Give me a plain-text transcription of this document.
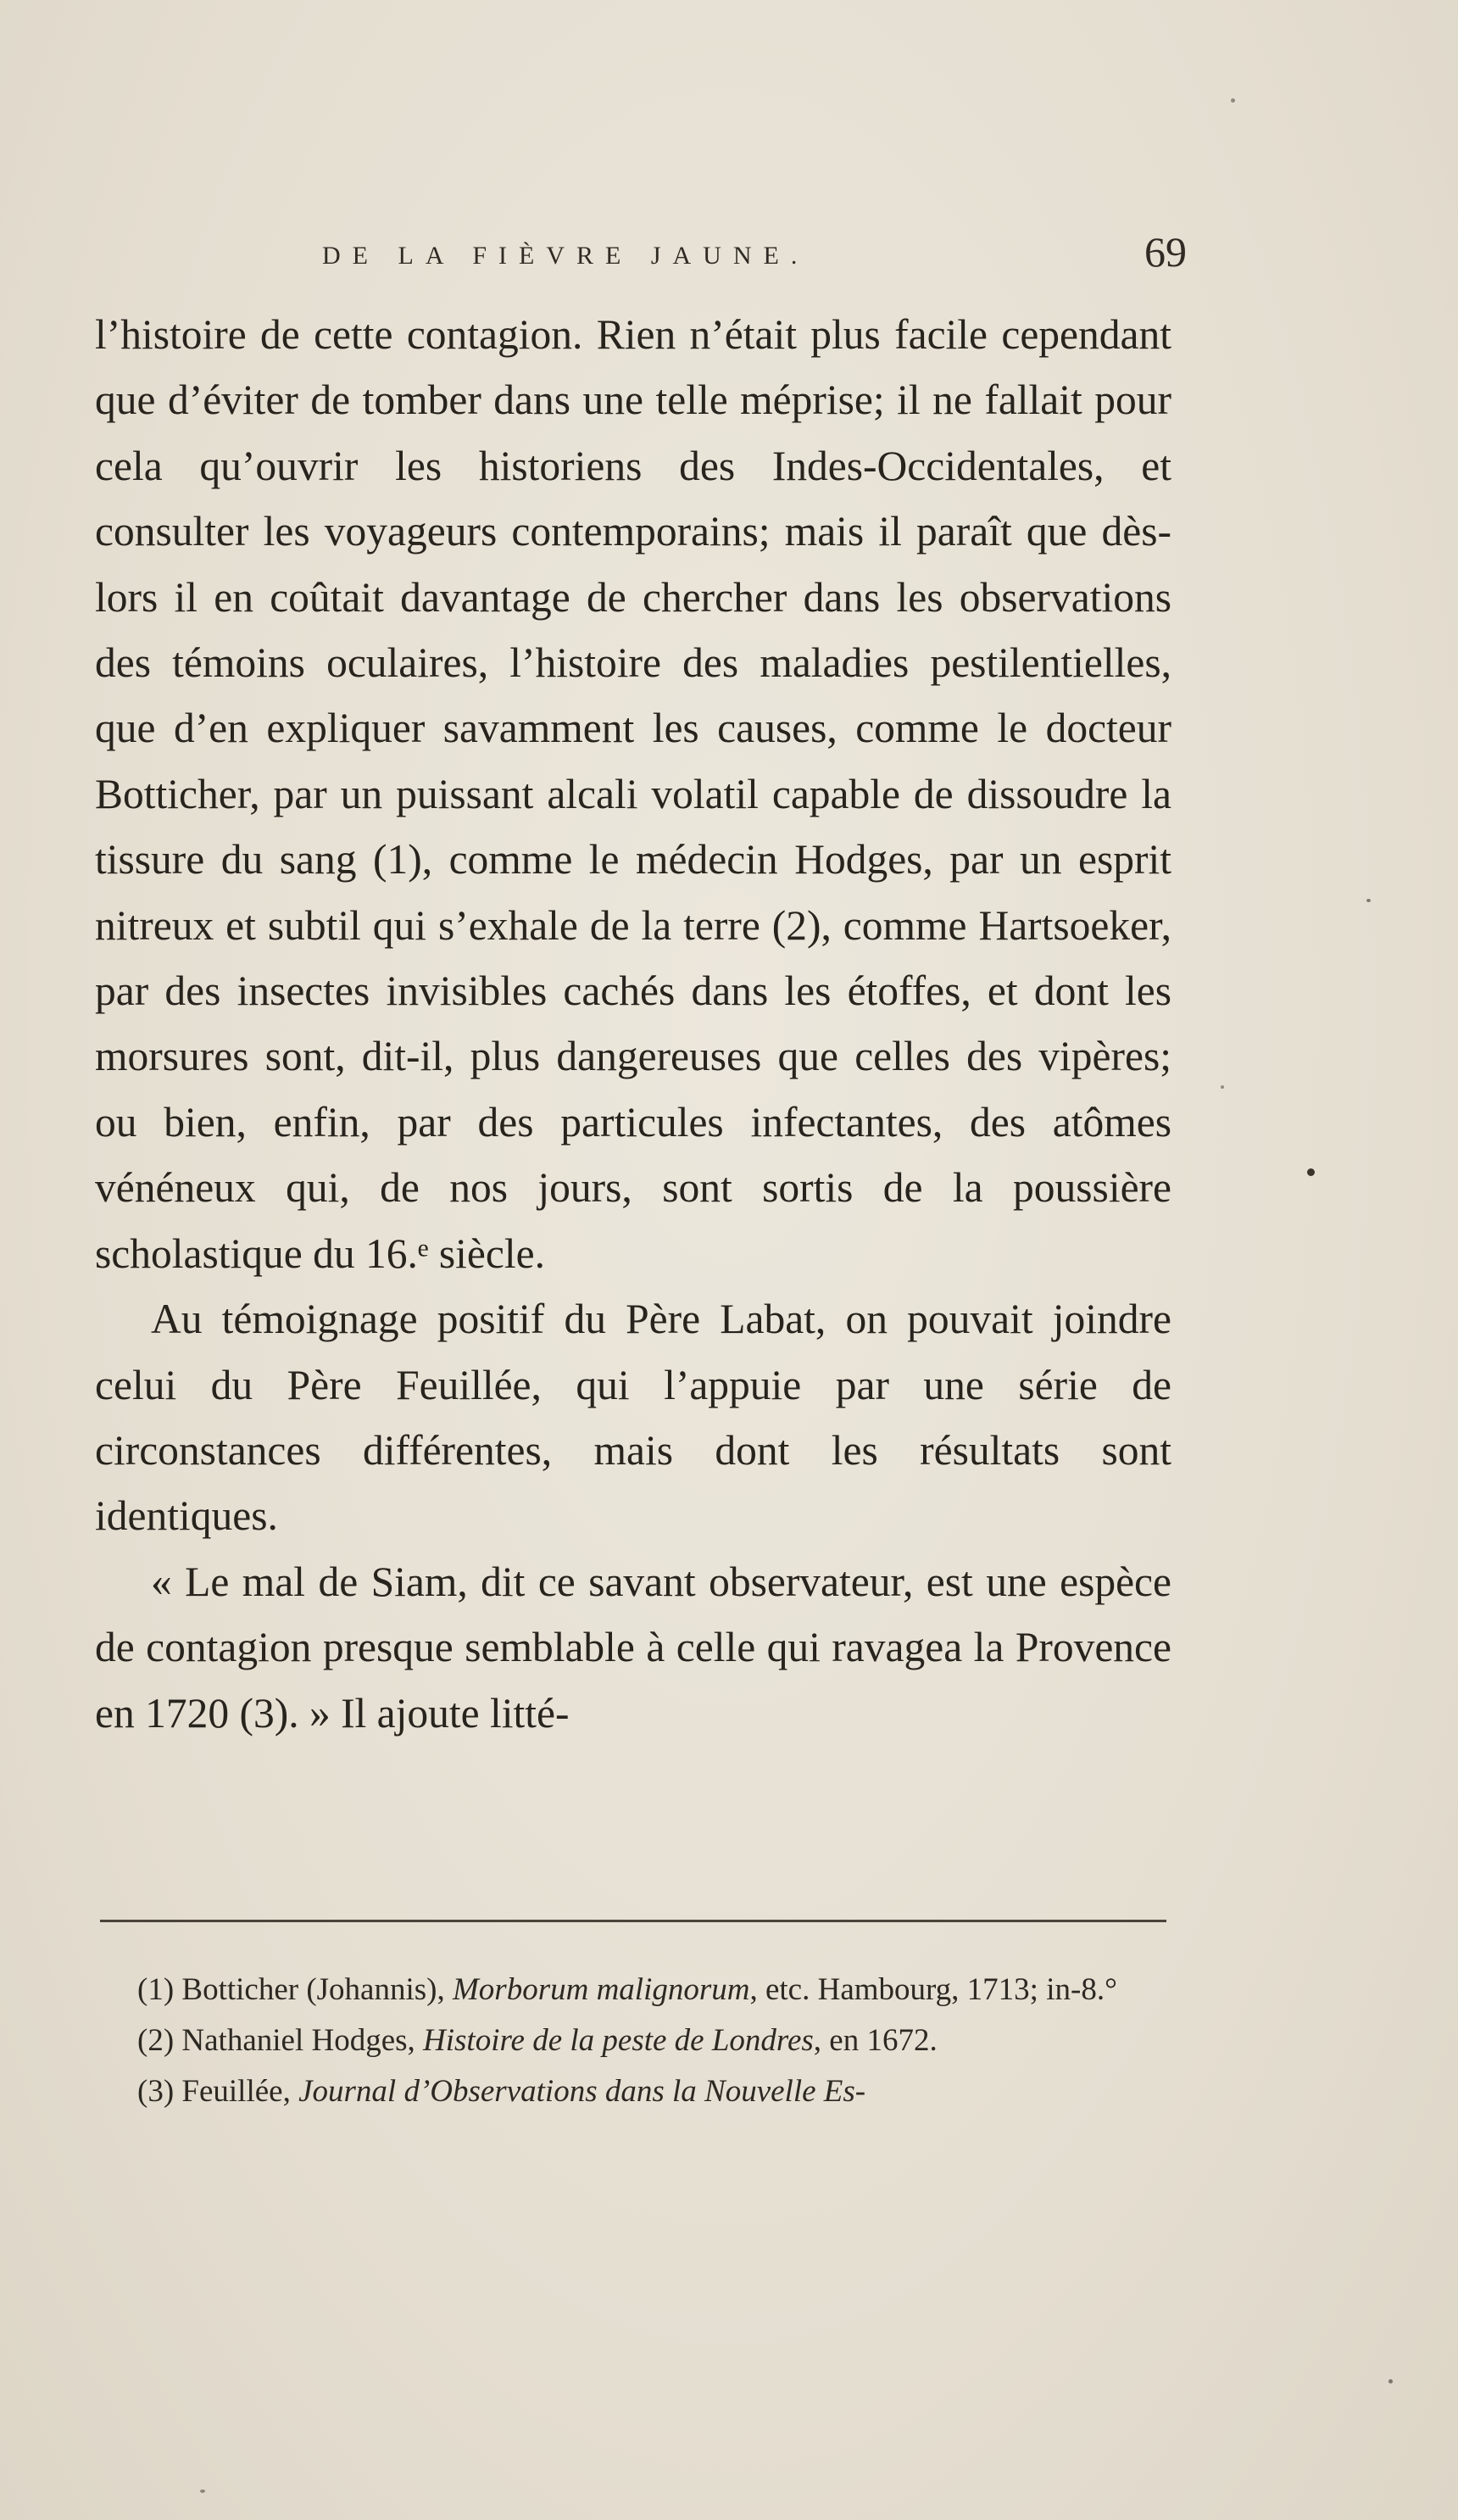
DE LA FIÈVRE JAUNE.	69

l’histoire de cette contagion. Rien n’était plus facile cependant que d’éviter de tomber dans une telle méprise; il ne fallait pour cela qu’ouvrir les historiens des Indes-Occidentales, et consulter les voyageurs contemporains; mais il paraît que dès-lors il en coûtait davantage de chercher dans les observations des témoins oculaires, l’histoire des maladies pestilentielles, que d’en expliquer savamment les causes, comme le docteur Botticher, par un puissant alcali volatil capable de dissoudre la tissure du sang (1), comme le médecin Hodges, par un esprit nitreux et subtil qui s’exhale de la terre (2), comme Hartsoeker, par des insectes invisibles cachés dans les étoffes, et dont les morsures sont, dit-il, plus dangereuses que celles des vipères; ou bien, enfin, par des particules infectantes, des atômes vénéneux qui, de nos jours, sont sortis de la poussière scholastique du 16.ᵉ siècle.

Au témoignage positif du Père Labat, on pouvait joindre celui du Père Feuillée, qui l’appuie par une série de circonstances différentes, mais dont les résultats sont identiques.

« Le mal de Siam, dit ce savant observateur, est une espèce de contagion presque semblable à celle qui ravagea la Provence en 1720 (3). » Il ajoute litté-

(1) Botticher (Johannis), Morborum malignorum, etc. Hambourg, 1713; in-8.°

(2) Nathaniel Hodges, Histoire de la peste de Londres, en 1672.

(3) Feuillée, Journal d’Observations dans la Nouvelle Es-
